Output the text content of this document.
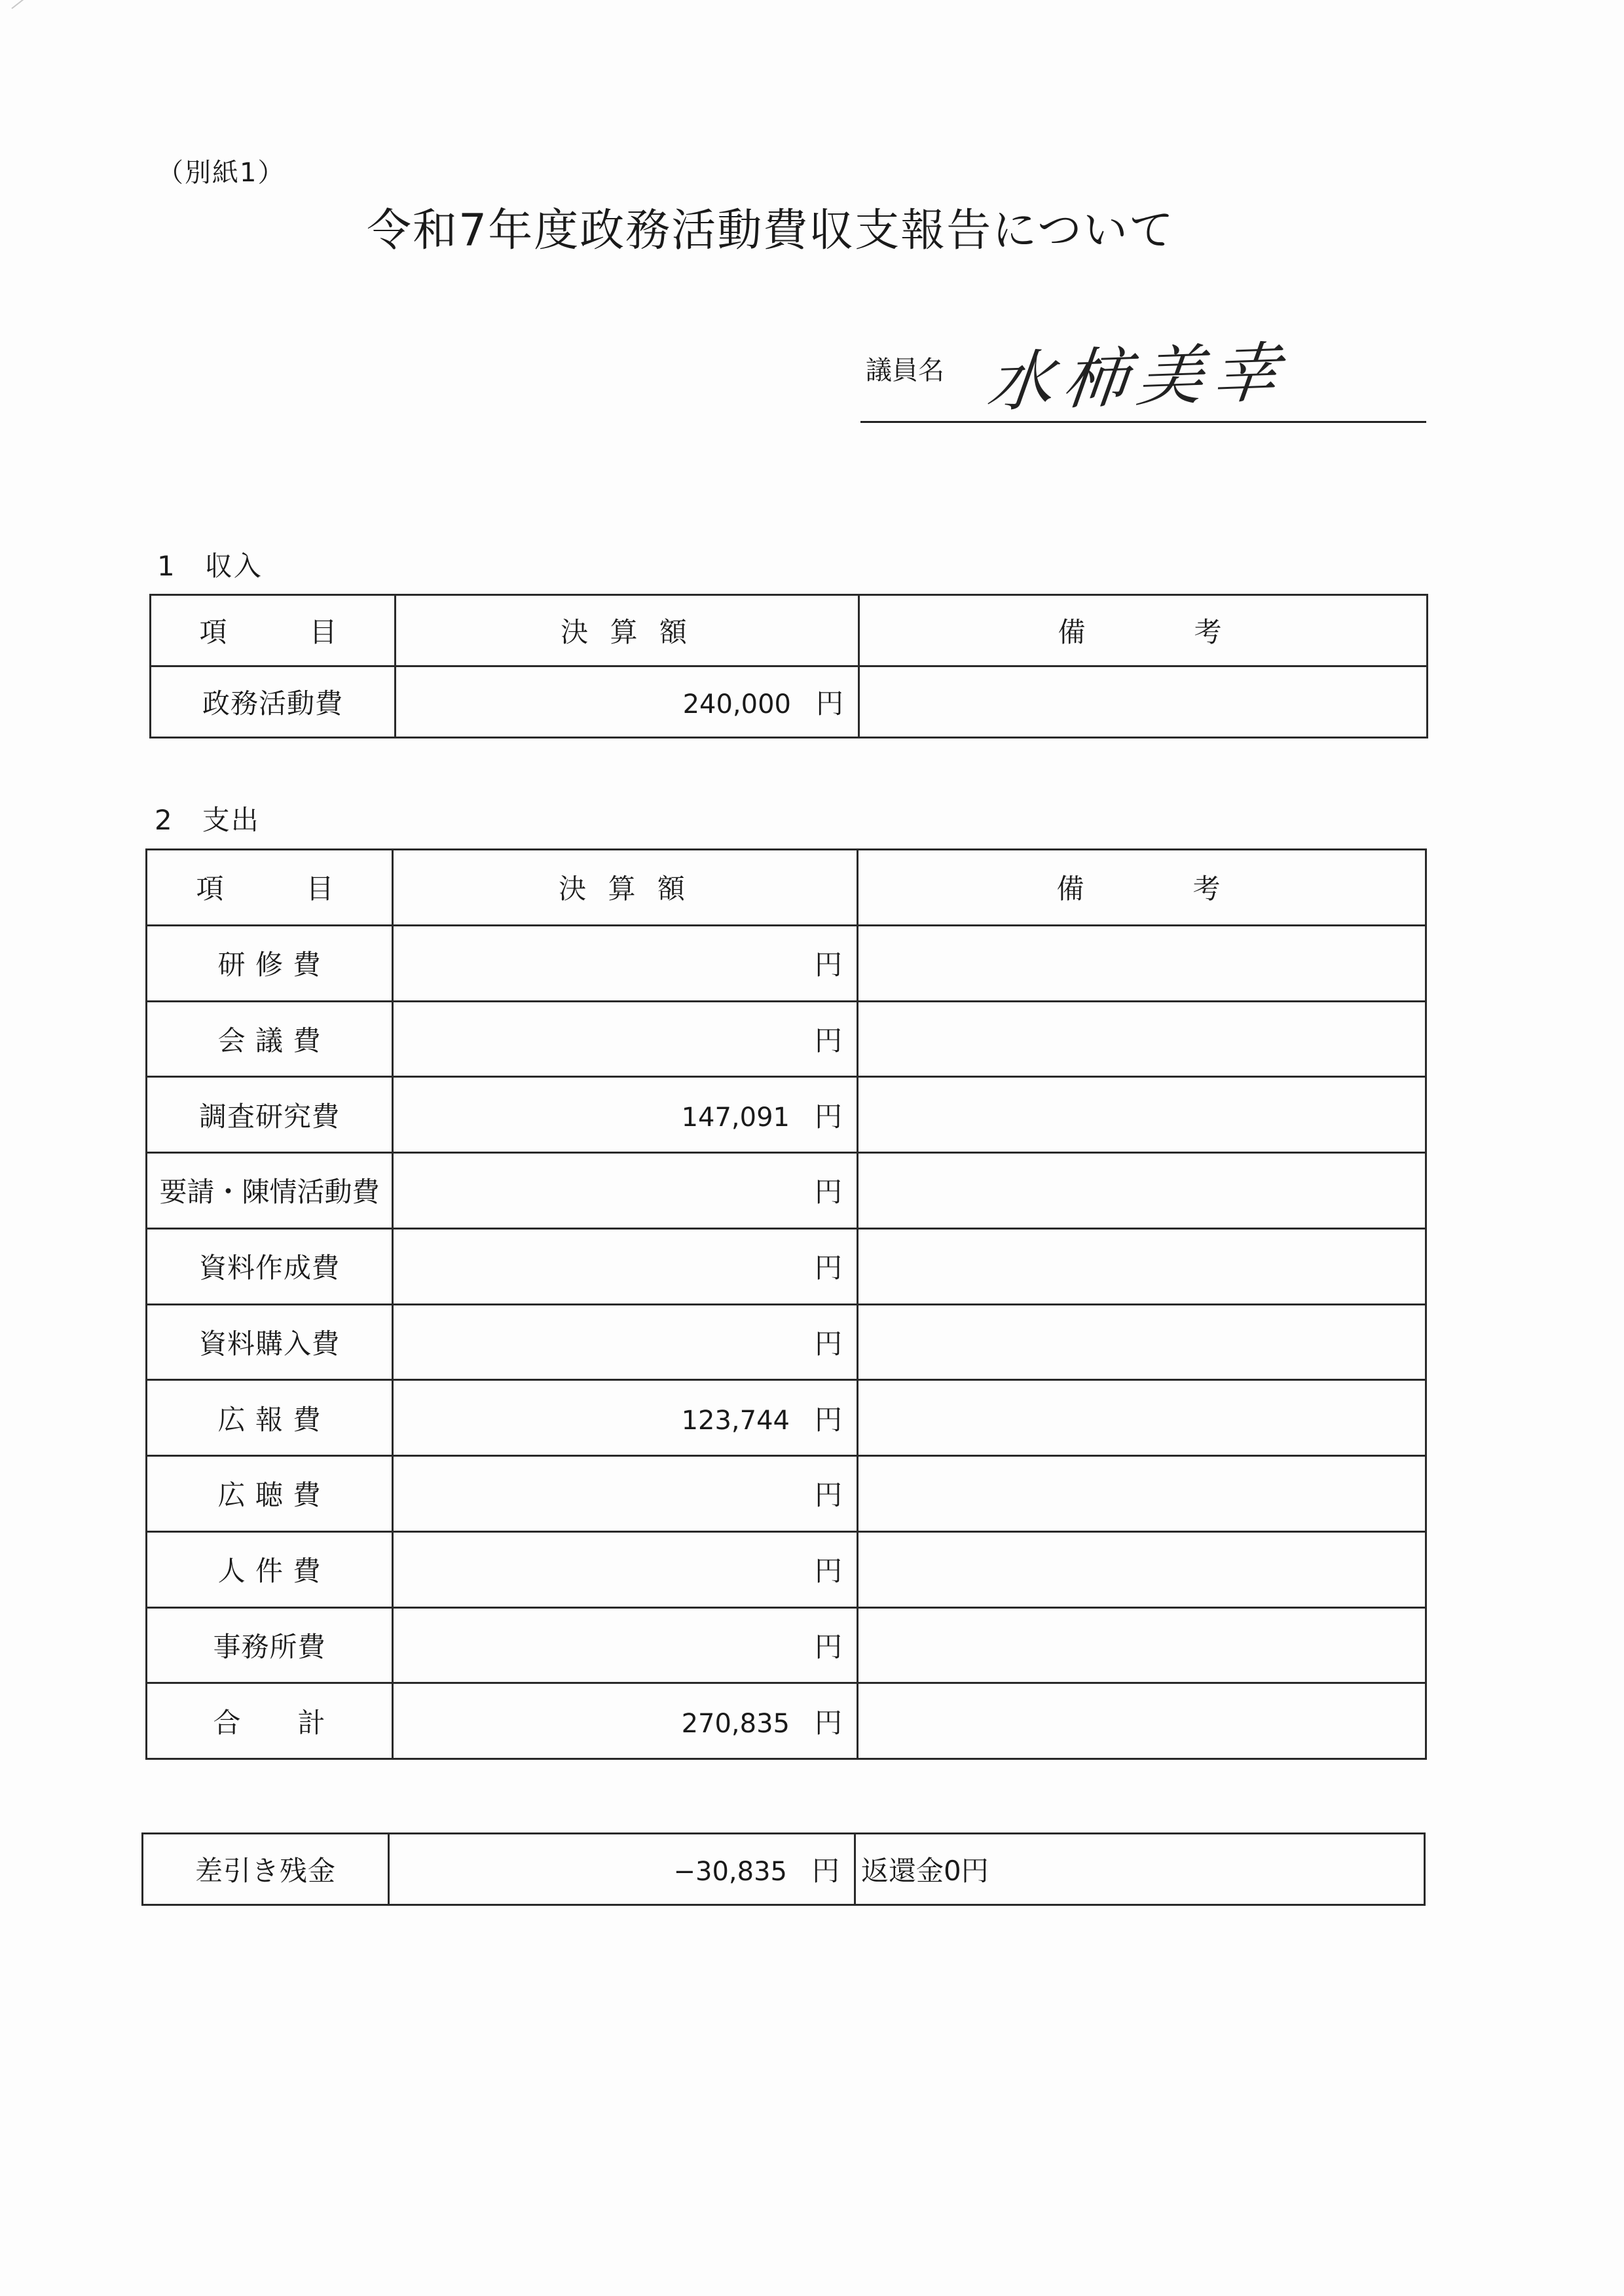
（別紙1）
令和7年度政務活動費収支報告について
議員名 水柿美幸
1　収入
項　　目	決 算 額	備　　　考
政務活動費	240,000 円	
2　支出
項　　目	決 算 額	備　　　考
研 修 費	円	
会 議 費	円	
調査研究費	147,091 円	
要請・陳情活動費	円	
資料作成費	円	
資料購入費	円	
広 報 費	123,744 円	
広 聴 費	円	
人 件 費	円	
事務所費	円	
合　　計	270,835 円	
差引き残金	−30,835 円	返還金0円
